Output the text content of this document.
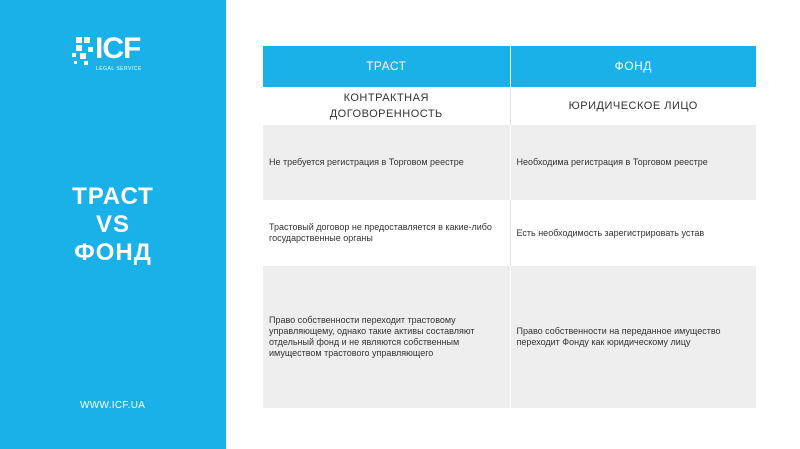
ICF
LEGAL SERVICE
ТРАСТ
VS
ФОНД
WWW.ICF.UA
ТРАСТ	ФОНД
КОНТРАКТНАЯ ДОГОВОРЕННОСТЬ
ЮРИДИЧЕСКОЕ ЛИЦО
Не требуется регистрация в Торговом реестре	Необходима регистрация в Торговом реестре
Трастовый договор не предоставляется в какие-либо государственные органы
Есть необходимость зарегистрировать устав
Право собственности переходит трастовому управляющему, однако такие активы составляют отдельный фонд и не являются собственным имуществом трастового управляющего
Право собственности на переданное имущество переходит Фонду как юридическому лицу
